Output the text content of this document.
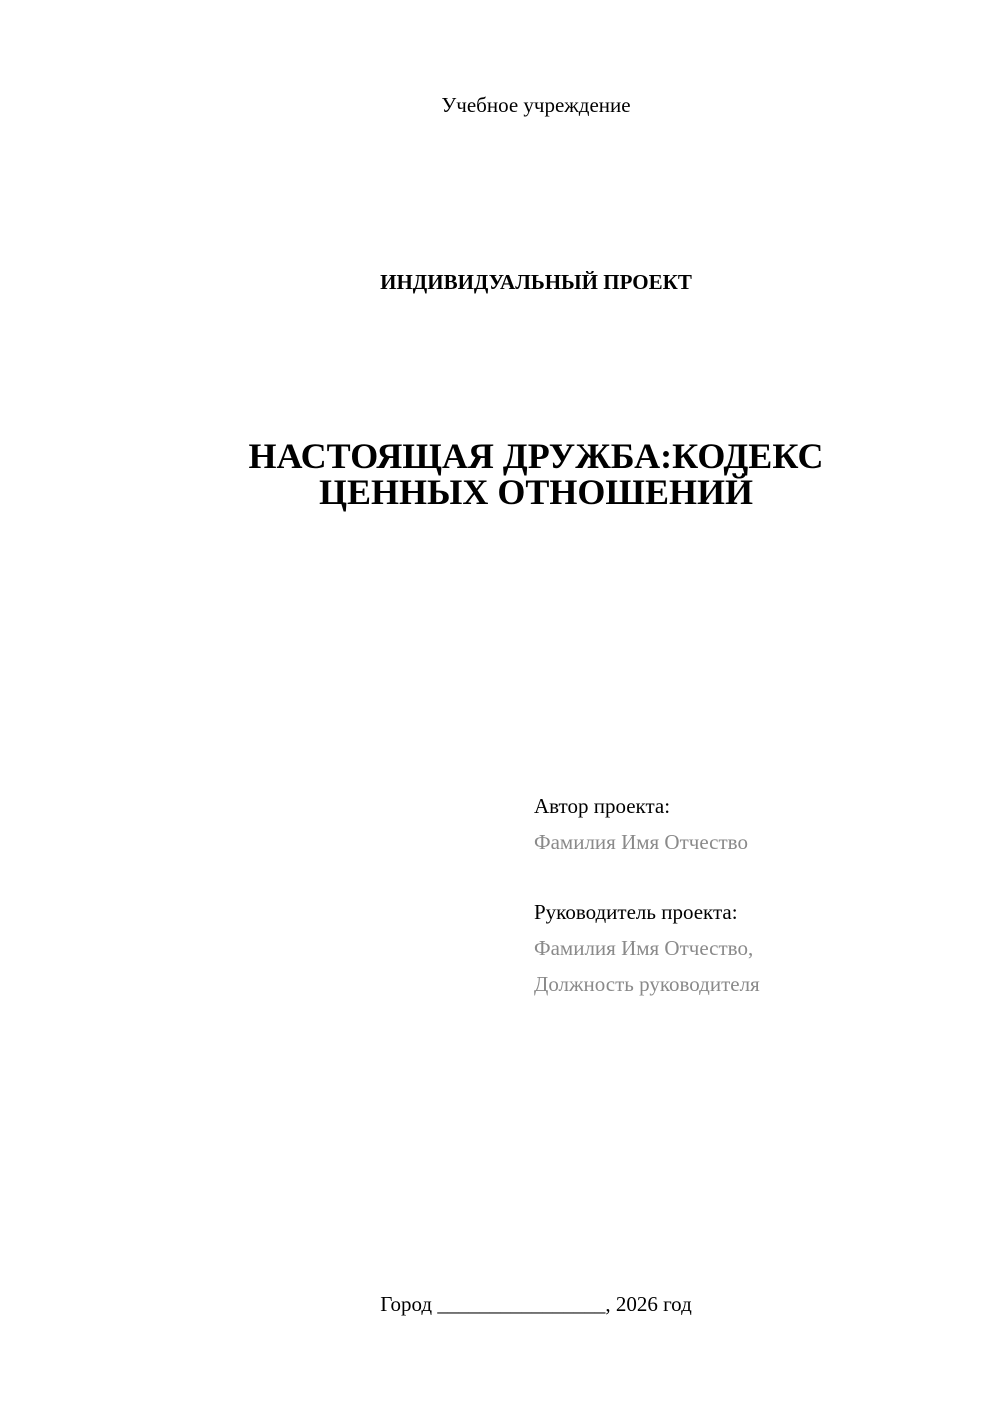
Учебное учреждение
ИНДИВИДУАЛЬНЫЙ ПРОЕКТ
НАСТОЯЩАЯ ДРУЖБА:КОДЕКС
ЦЕННЫХ ОТНОШЕНИЙ
Автор проекта:
Фамилия Имя Отчество
Руководитель проекта:
Фамилия Имя Отчество,
Должность руководителя
Город ________________, 2026 год
